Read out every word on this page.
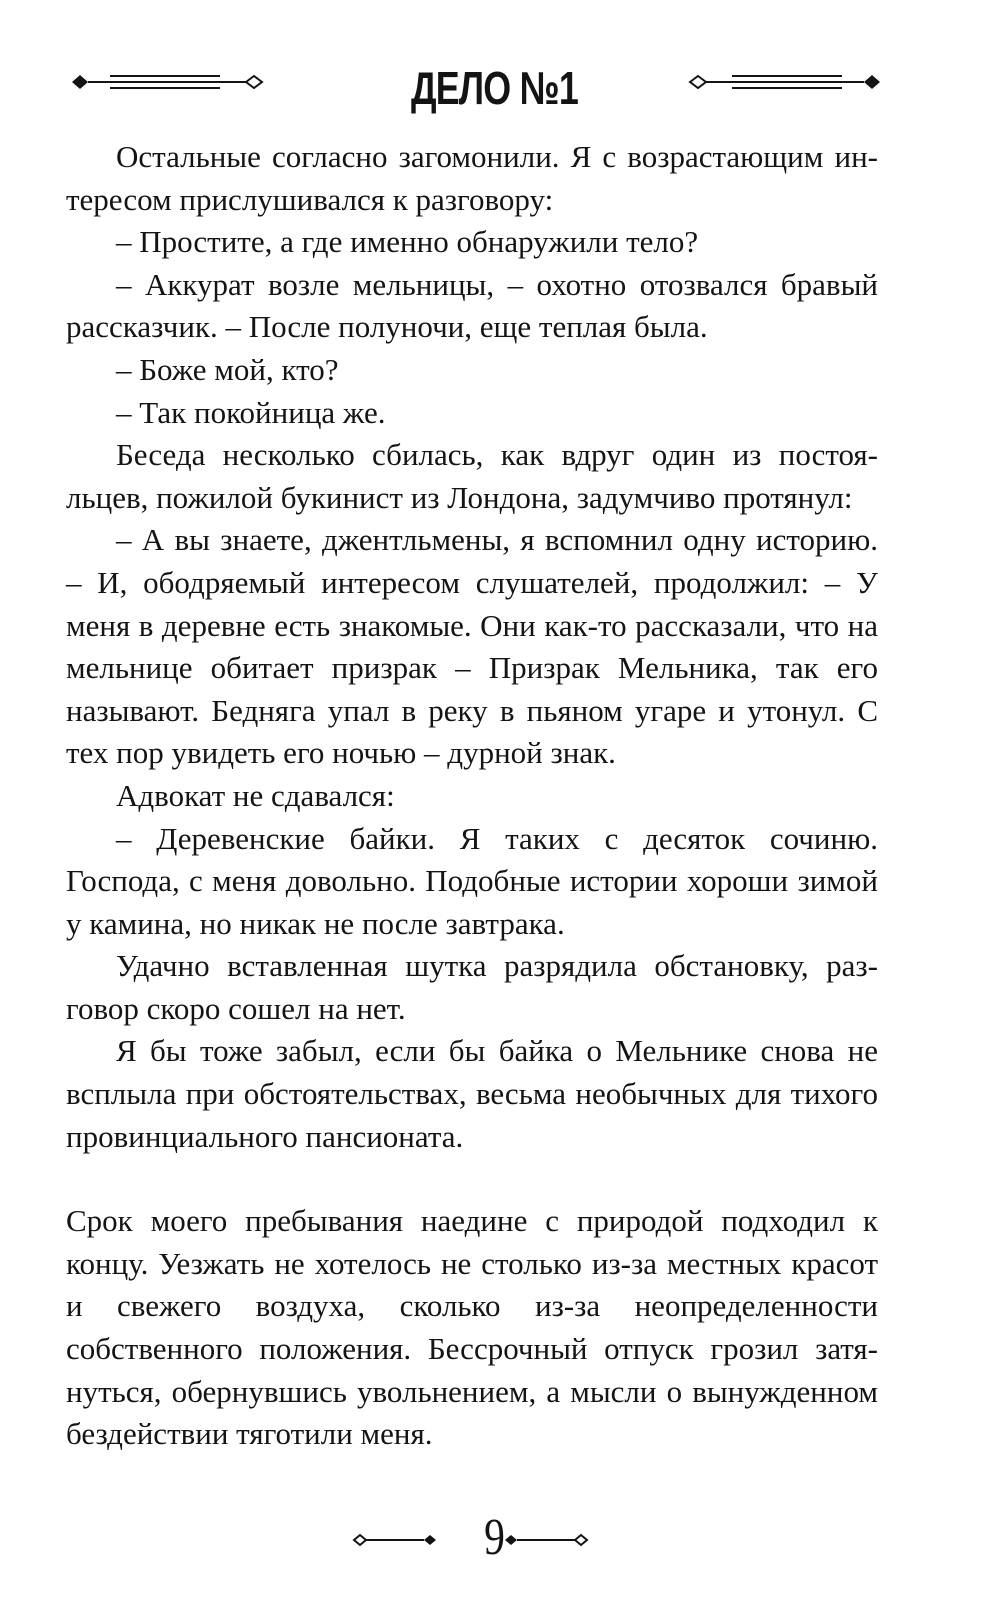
ДЕЛО №1

Остальные согласно загомонили. Я с возрастающим интересом прислушивался к разговору:

– Простите, а где именно обнаружили тело?

– Аккурат возле мельницы, – охотно отозвался бравый рассказчик. – После полуночи, еще теплая была.

– Боже мой, кто?

– Так покойница же.

Беседа несколько сбилась, как вдруг один из постояльцев, пожилой букинист из Лондона, задумчиво протянул:

– А вы знаете, джентльмены, я вспомнил одну историю. – И, ободряемый интересом слушателей, продолжил: – У меня в деревне есть знакомые. Они как-то рассказали, что на мельнице обитает призрак – Призрак Мельника, так его называют. Бедняга упал в реку в пьяном угаре и утонул. С тех пор увидеть его ночью – дурной знак.

Адвокат не сдавался:

– Деревенские байки. Я таких с десяток сочиню. Господа, с меня довольно. Подобные истории хороши зимой у камина, но никак не после завтрака.

Удачно вставленная шутка разрядила обстановку, разговор скоро сошел на нет.

Я бы тоже забыл, если бы байка о Мельнике снова не всплыла при обстоятельствах, весьма необычных для тихого провинциального пансионата.

Срок моего пребывания наедине с природой подходил к концу. Уезжать не хотелось не столько из-за местных красот и свежего воздуха, сколько из-за неопределенности собственного положения. Бессрочный отпуск грозил затянуться, обернувшись увольнением, а мысли о вынужденном бездействии тяготили меня.

9
